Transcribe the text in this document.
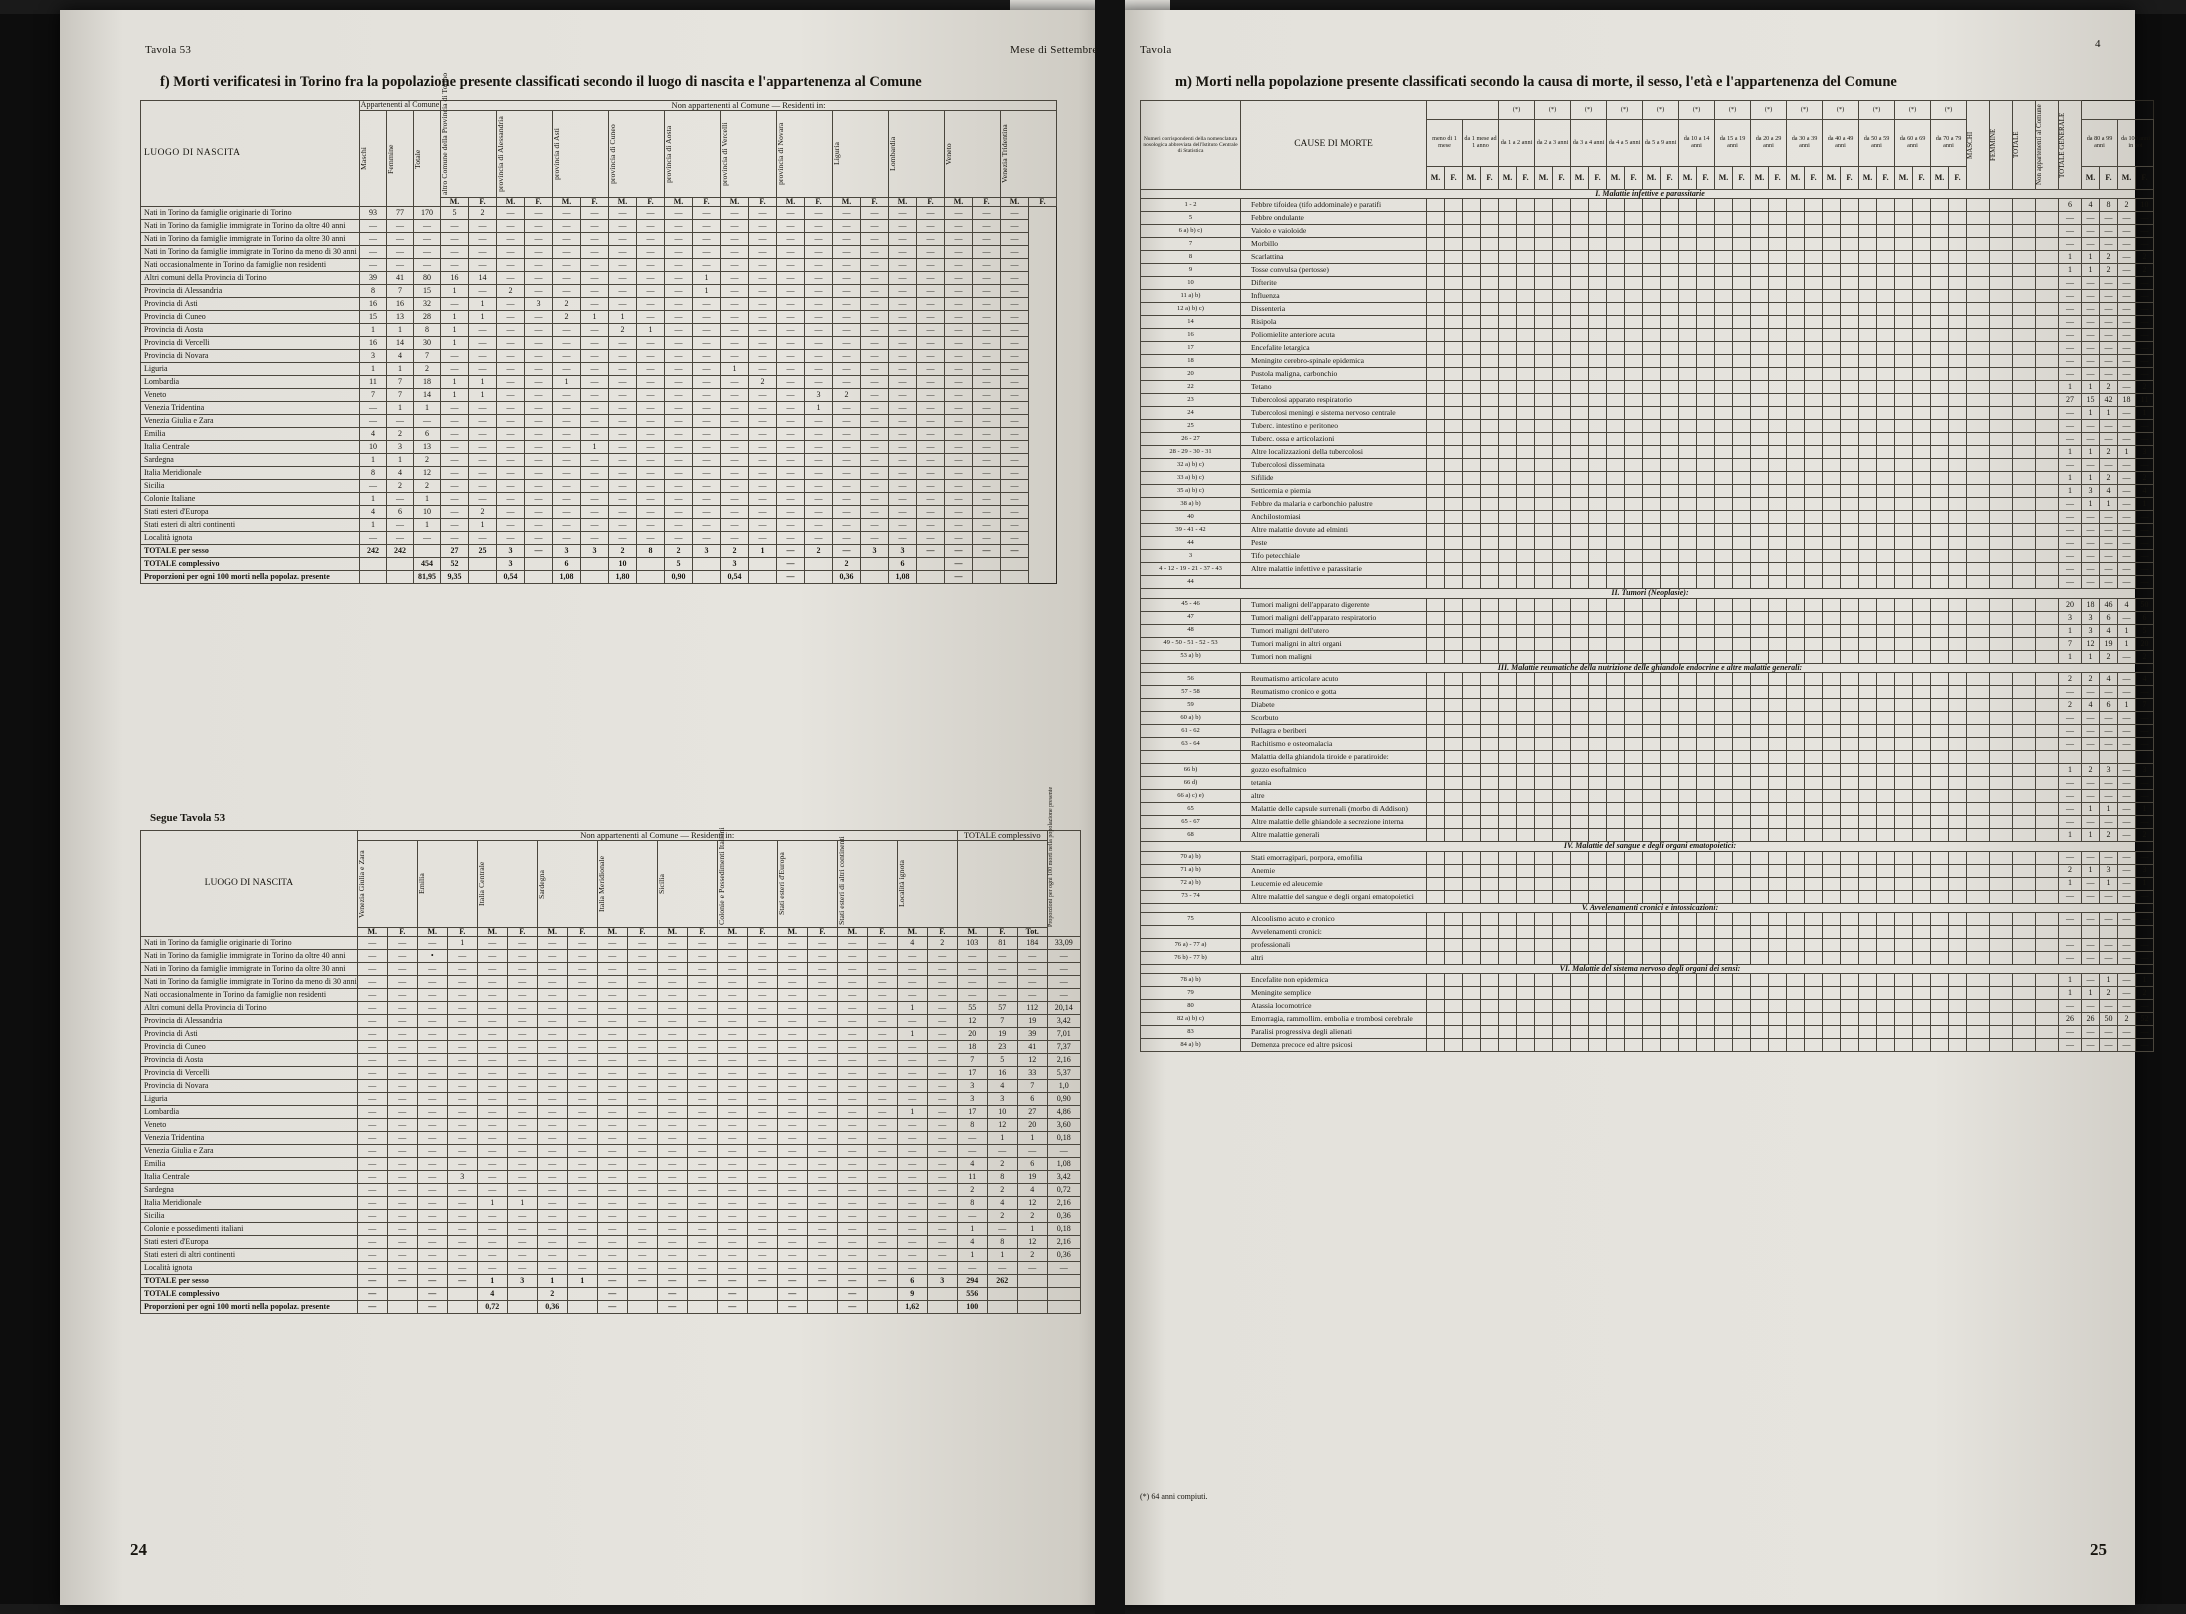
Tavola 53	Mese di Settembre
f) Morti verificatesi in Torino fra la popolazione presente classificati secondo il luogo di nascita e l'appartenenza al Comune
LUOGO DI NASCITA	Appartenenti al Comune			Non appartenenti al Comune — Residenti in:																					

	Maschi	Femmine	Totale	altro Comune della Provincia di Torino		provincia di Alessandria		provincia di Asti		provincia di Cuneo		provincia di Aosta		provincia di Vercelli		provincia di Novara		Liguria		Lombardia		Veneto		Venezia Tridentina	

				M.	F.	M.	F.	M.	F.	M.	F.	M.	F.	M.	F.	M.	F.	M.	F.	M.	F.	M.	F.	M.	F.
Nati in Torino da famiglie originarie di Torino	93	77	170	5	2	—	—	—	—	—	—	—	—	—	—	—	—	—	—	—	—	—	—	—	
Nati in Torino da famiglie immigrate in Torino da oltre 40 anni	—	—	—	—	—	—	—	—	—	—	—	—	—	—	—	—	—	—	—	—	—	—	—	—	
Nati in Torino da famiglie immigrate in Torino da oltre 30 anni	—	—	—	—	—	—	—	—	—	—	—	—	—	—	—	—	—	—	—	—	—	—	—	—	
Nati in Torino da famiglie immigrate in Torino da meno di 30 anni	—	—	—	—	—	—	—	—	—	—	—	—	—	—	—	—	—	—	—	—	—	—	—	—	
Nati occasionalmente in Torino da famiglie non residenti	—	—	—	—	—	—	—	—	—	—	—	—	—	—	—	—	—	—	—	—	—	—	—	—	
Altri comuni della Provincia di Torino	39	41	80	16	14	—	—	—	—	—	—	—	1	—	—	—	—	—	—	—	—	—	—	—	
Provincia di Alessandria	8	7	15	1	—	2	—	—	—	—	—	—	1	—	—	—	—	—	—	—	—	—	—	—	
Provincia di Asti	16	16	32	—	1	—	3	2	—	—	—	—	—	—	—	—	—	—	—	—	—	—	—	—	
Provincia di Cuneo	15	13	28	1	1	—	—	2	1	1	—	—	—	—	—	—	—	—	—	—	—	—	—	—	
Provincia di Aosta	1	1	8	1	—	—	—	—	—	2	1	—	—	—	—	—	—	—	—	—	—	—	—	—	
Provincia di Vercelli	16	14	30	1	—	—	—	—	—	—	—	—	—	—	—	—	—	—	—	—	—	—	—	—	
Provincia di Novara	3	4	7	—	—	—	—	—	—	—	—	—	—	—	—	—	—	—	—	—	—	—	—	—	
Liguria	1	1	2	—	—	—	—	—	—	—	—	—	—	1	—	—	—	—	—	—	—	—	—	—	
Lombardia	11	7	18	1	1	—	—	1	—	—	—	—	—	—	2	—	—	—	—	—	—	—	—	—	
Veneto	7	7	14	1	1	—	—	—	—	—	—	—	—	—	—	—	3	2	—	—	—	—	—	—	
Venezia Tridentina	—	1	1	—	—	—	—	—	—	—	—	—	—	—	—	—	1	—	—	—	—	—	—	—	
Venezia Giulia e Zara	—	—	—	—	—	—	—	—	—	—	—	—	—	—	—	—	—	—	—	—	—	—	—	—	
Emilia	4	2	6	—	—	—	—	—	—	—	—	—	—	—	—	—	—	—	—	—	—	—	—	—	
Italia Centrale	10	3	13	—	—	—	—	—	1	—	—	—	—	—	—	—	—	—	—	—	—	—	—	—	
Sardegna	1	1	2	—	—	—	—	—	—	—	—	—	—	—	—	—	—	—	—	—	—	—	—	—	
Italia Meridionale	8	4	12	—	—	—	—	—	—	—	—	—	—	—	—	—	—	—	—	—	—	—	—	—	
Sicilia	—	2	2	—	—	—	—	—	—	—	—	—	—	—	—	—	—	—	—	—	—	—	—	—	
Colonie Italiane	1	—	1	—	—	—	—	—	—	—	—	—	—	—	—	—	—	—	—	—	—	—	—	—	
Stati esteri d'Europa	4	6	10	—	2	—	—	—	—	—	—	—	—	—	—	—	—	—	—	—	—	—	—	—	
Stati esteri di altri continenti	1	—	1	—	1	—	—	—	—	—	—	—	—	—	—	—	—	—	—	—	—	—	—	—	
Località ignota	—	—	—	—	—	—	—	—	—	—	—	—	—	—	—	—	—	—	—	—	—	—	—	—	
TOTALE per sesso	242	242		27	25	3	—	3	3	2	8	2	3	2	1	—	2	—	3	3	—	—	—	—	
TOTALE complessivo			454	52		3		6		10		5		3		—		2		6		—			
Proporzioni per ogni 100 morti nella popolaz. presente			81,95	9,35		0,54		1,08		1,80		0,90		0,54		—		0,36		1,08		—			
Segue Tavola 53
LUOGO DI NASCITA	Non appartenenti al Comune — Residenti in:																				TOTALE complessivo			Proporzioni per ogni 100 morti nella popolazione presente

	Venezia Giulia e Zara		Emilia		Italia Centrale		Sardegna		Italia Meridionale		Sicilia		Colonie e Possedimenti Italiani		Stati esteri d'Europa		Stati esteri di altri continenti		Località ignota					

	M.	F.	M.	F.	M.	F.	M.	F.	M.	F.	M.	F.	M.	F.	M.	F.	M.	F.	M.	F.	M.	F.	Tot.	
Nati in Torino da famiglie originarie di Torino	—	—	—	1	—	—	—	—	—	—	—	—	—	—	—	—	—	—	4	2	103	81	184	33,09
Nati in Torino da famiglie immigrate in Torino da oltre 40 anni	—	—	•	—	—	—	—	—	—	—	—	—	—	—	—	—	—	—	—	—	—	—	—	—
Nati in Torino da famiglie immigrate in Torino da oltre 30 anni	—	—	—	—	—	—	—	—	—	—	—	—	—	—	—	—	—	—	—	—	—	—	—	—
Nati in Torino da famiglie immigrate in Torino da meno di 30 anni	—	—	—	—	—	—	—	—	—	—	—	—	—	—	—	—	—	—	—	—	—	—	—	—
Nati occasionalmente in Torino da famiglie non residenti	—	—	—	—	—	—	—	—	—	—	—	—	—	—	—	—	—	—	—	—	—	—	—	—
Altri comuni della Provincia di Torino	—	—	—	—	—	—	—	—	—	—	—	—	—	—	—	—	—	—	1	—	55	57	112	20,14
Provincia di Alessandria	—	—	—	—	—	—	—	—	—	—	—	—	—	—	—	—	—	—	—	—	12	7	19	3,42
Provincia di Asti	—	—	—	—	—	—	—	—	—	—	—	—	—	—	—	—	—	—	1	—	20	19	39	7,01
Provincia di Cuneo	—	—	—	—	—	—	—	—	—	—	—	—	—	—	—	—	—	—	—	—	18	23	41	7,37
Provincia di Aosta	—	—	—	—	—	—	—	—	—	—	—	—	—	—	—	—	—	—	—	—	7	5	12	2,16
Provincia di Vercelli	—	—	—	—	—	—	—	—	—	—	—	—	—	—	—	—	—	—	—	—	17	16	33	5,37
Provincia di Novara	—	—	—	—	—	—	—	—	—	—	—	—	—	—	—	—	—	—	—	—	3	4	7	1,0
Liguria	—	—	—	—	—	—	—	—	—	—	—	—	—	—	—	—	—	—	—	—	3	3	6	0,90
Lombardia	—	—	—	—	—	—	—	—	—	—	—	—	—	—	—	—	—	—	1	—	17	10	27	4,86
Veneto	—	—	—	—	—	—	—	—	—	—	—	—	—	—	—	—	—	—	—	—	8	12	20	3,60
Venezia Tridentina	—	—	—	—	—	—	—	—	—	—	—	—	—	—	—	—	—	—	—	—	—	1	1	0,18
Venezia Giulia e Zara	—	—	—	—	—	—	—	—	—	—	—	—	—	—	—	—	—	—	—	—	—	—	—	—
Emilia	—	—	—	—	—	—	—	—	—	—	—	—	—	—	—	—	—	—	—	—	4	2	6	1,08
Italia Centrale	—	—	—	3	—	—	—	—	—	—	—	—	—	—	—	—	—	—	—	—	11	8	19	3,42
Sardegna	—	—	—	—	—	—	—	—	—	—	—	—	—	—	—	—	—	—	—	—	2	2	4	0,72
Italia Meridionale	—	—	—	—	1	1	—	—	—	—	—	—	—	—	—	—	—	—	—	—	8	4	12	2,16
Sicilia	—	—	—	—	—	—	—	—	—	—	—	—	—	—	—	—	—	—	—	—	—	2	2	0,36
Colonie e possedimenti italiani	—	—	—	—	—	—	—	—	—	—	—	—	—	—	—	—	—	—	—	—	1	—	1	0,18
Stati esteri d'Europa	—	—	—	—	—	—	—	—	—	—	—	—	—	—	—	—	—	—	—	—	4	8	12	2,16
Stati esteri di altri continenti	—	—	—	—	—	—	—	—	—	—	—	—	—	—	—	—	—	—	—	—	1	1	2	0,36
Località ignota	—	—	—	—	—	—	—	—	—	—	—	—	—	—	—	—	—	—	—	—	—	—	—	—
TOTALE per sesso	—	—	—	—	1	3	1	1	—	—	—	—	—	—	—	—	—	—	6	3	294	262		
TOTALE complessivo	—		—		4		2		—		—		—		—		—		9		556			
Proporzioni per ogni 100 morti nella popolaz. presente	—		—		0,72		0,36		—		—		—		—		—		1,62		100			
24
Tavola	4
m) Morti nella popolazione presente classificati secondo la causa di morte, il sesso, l'età e l'appartenenza del Comune
Numeri corrispondenti della nomenclatura nosologica abbreviata dell'Istituto Centrale di Statistica	CAUSE DI MORTE					(*)		(*)		(*)		(*)		(*)		(*)		(*)		(*)		(*)		(*)		(*)		(*)		(*)		MASCHI	FEMMINE	TOTALE	Non appartenenti al Comune	TOTALE GENERALE				

		meno di 1 mese		da 1 mese ad 1 anno		da 1 a 2 anni		da 2 a 3 anni		da 3 a 4 anni		da 4 a 5 anni		da 5 a 9 anni		da 10 a 14 anni		da 15 a 19 anni		da 20 a 29 anni		da 30 a 39 anni		da 40 a 49 anni		da 50 a 59 anni		da 60 a 69 anni		da 70 a 79 anni							da 80 a 99 anni		da 100 anni in poi	
		M.	F.	M.	F.	M.	F.	M.	F.	M.	F.	M.	F.	M.	F.	M.	F.	M.	F.	M.	F.	M.	F.	M.	F.	M.	F.	M.	F.	M.	F.						M.	F.	M.	F.
I. Malattie infettive e parassitarie																																								
1 - 2	Febbre tifoidea (tifo addominale) e paratifi																																			6	4	8	2	10
5	Febbre ondulante																																			—	—	—	—	—
6 a) b) c)	Vaiolo e vaioloide																																			—	—	—	—	—
7	Morbillo																																			—	—	—	—	—
8	Scarlattina																																			1	1	2	—	2
9	Tosse convulsa (pertosse)																																			1	1	2	—	2
10	Difterite																																			—	—	—	—	—
11 a) b)	Influenza																																			—	—	—	—	—
12 a) b) c)	Dissenteria																																			—	—	—	—	—
14	Risipola																																			—	—	—	—	—
16	Poliomielite anteriore acuta																																			—	—	—	—	—
17	Encefalite letargica																																			—	—	—	—	—
18	Meningite cerebro-spinale epidemica																																			—	—	—	—	—
20	Pustola maligna, carbonchio																																			—	—	—	—	—
22	Tetano																																			1	1	2	—	2
23	Tubercolosi apparato respiratorio																																			27	15	42	18	11
24	Tubercolosi meningi e sistema nervoso centrale																																			—	1	1	—	1
25	Tuberc. intestino e peritoneo																																			—	—	—	—	—
26 - 27	Tuberc. ossa e articolazioni																																			—	—	—	—	—
28 - 29 - 30 - 31	Altre localizzazioni della tubercolosi																																			1	1	2	1	3
32 a) b) c)	Tubercolosi disseminata																																			—	—	—	—	—
33 a) b) c)	Sifilide																																			1	1	2	—	2
35 a) b) c)	Setticemia e piemia																																			1	3	4	—	4
38 a) b)	Febbre da malaria e carbonchio palustre																																			—	1	1	—	1
40	Anchilostomiasi																																			—	—	—	—	—
39 - 41 - 42	Altre malattie dovute ad elminti																																			—	—	—	—	—
44	Peste																																			—	—	—	—	—
3	Tifo petecchiale																																			—	—	—	—	—
4 - 12 - 19 - 21 - 37 - 43	Altre malattie infettive e parassitarie																																			—	—	—	—	—
44																																				—	—	—	—	—
II. Tumori (Neoplasie):																																								
45 - 46	Tumori maligni dell'apparato digerente																																			20	18	46	4	50
47	Tumori maligni dell'apparato respiratorio																																			3	3	6	—	6
48	Tumori maligni dell'utero																																			1	3	4	1	5
49 - 50 - 51 - 52 - 53	Tumori maligni in altri organi																																			7	12	19	1	20
53 a) b)	Tumori non maligni																																			1	1	2	—	2
III. Malattie reumatiche della nutrizione delle ghiandole endocrine e altre malattie generali:																																								
56	Reumatismo articolare acuto																																			2	2	4	—	4
57 - 58	Reumatismo cronico e gotta																																			—	—	—	—	—
59	Diabete																																			2	4	6	1	7
60 a) b)	Scorbuto																																			—	—	—	—	—
61 - 62	Pellagra e beriberi																																			—	—	—	—	—
63 - 64	Rachitismo e osteomalacia																																			—	—	—	—	—
	Malattia della ghiandola tiroide e paratiroide:																																							
66 b)	gozzo esoftalmico																																			1	2	3	—	3
66 d)	tetania																																			—	—	—	—	—
66 a) c) e)	altre																																			—	—	—	—	—
65	Malattie delle capsule surrenali (morbo di Addison)																																			—	1	1	—	1
65 - 67	Altre malattie delle ghiandole a secrezione interna																																			—	—	—	—	—
68	Altre malattie generali																																			1	1	2	—	2
IV. Malattie del sangue e degli organi ematopoietici:																																								
70 a) b)	Stati emorragipari, porpora, emofilia																																			—	—	—	—	—
71 a) b)	Anemie																																			2	1	3	—	3
72 a) b)	Leucemie ed aleucemie																																			1	—	1	—	1
73 - 74	Altre malattie del sangue e degli organi ematopoietici																																			—	—	—	—	—
V. Avvelenamenti cronici e intossicazioni:																																								
75	Alcoolismo acuto e cronico																																			—	—	—	—	—
	Avvelenamenti cronici:																																							
76 a) - 77 a)	professionali																																			—	—	—	—	—
76 b) - 77 b)	altri																																			—	—	—	—	—
VI. Malattie del sistema nervoso degli organi dei sensi:																																								
78 a) b)	Encefalite non epidemica																																			1	—	1	—	1
79	Meningite semplice																																			1	1	2	—	2
80	Atassia locomotrice																																			—	—	—	—	—
82 a) b) c)	Emorragia, rammollim. embolia e trombosi cerebrale																																			26	26	50	2	52
83	Paralisi progressiva degli alienati																																			—	—	—	—	—
84 a) b)	Demenza precoce ed altre psicosi																																			—	—	—	—	—
(*) 64 anni compiuti.
25
